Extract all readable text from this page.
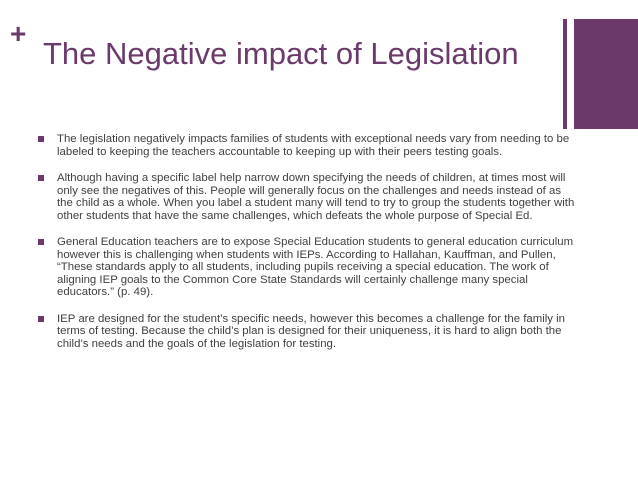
+
The Negative impact of Legislation
The legislation negatively impacts families of students with exceptional needs vary from needing to be labeled to keeping the teachers accountable to keeping up with their peers testing goals.
Although having a specific label help narrow down specifying the needs of children, at times most will only see the negatives of this. People will generally focus on the challenges and needs instead of as the child as a whole. When you label a student many will tend to try to group the students together with other students that have the same challenges, which defeats the whole purpose of Special Ed.
General Education teachers are to expose Special Education students to general education curriculum however this is challenging when students with IEPs. According to Hallahan, Kauffman, and Pullen, “These standards apply to all students, including pupils receiving a special education. The work of aligning IEP goals to the Common Core State Standards will certainly challenge many special educators.” (p. 49).
IEP are designed for the student’s specific needs, however this becomes a challenge for the family in terms of testing. Because the child’s plan is designed for their uniqueness, it is hard to align both the child’s needs and the goals of the legislation for testing.
